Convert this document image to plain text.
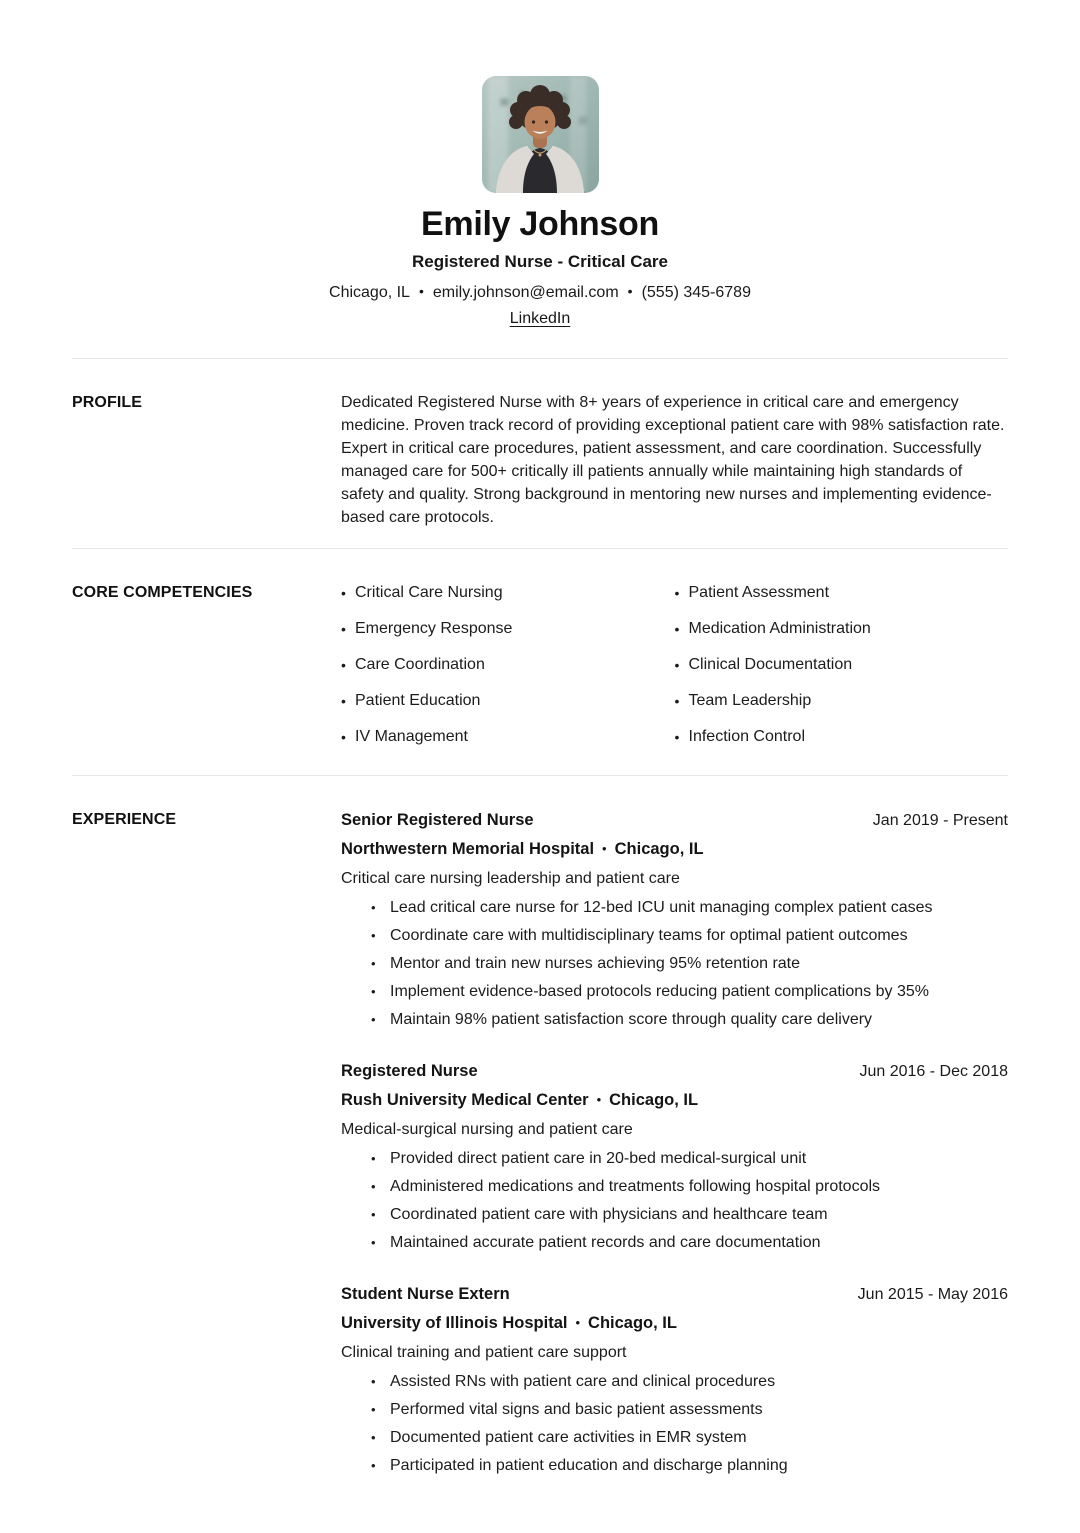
Emily Johnson
Registered Nurse - Critical Care
Chicago, IL • emily.johnson@email.com • (555) 345-6789
LinkedIn
PROFILE	Dedicated Registered Nurse with 8+ years of experience in critical care and emergency medicine. Proven track record of providing exceptional patient care with 98% satisfaction rate. Expert in critical care procedures, patient assessment, and care coordination. Successfully managed care for 500+ critically ill patients annually while maintaining high standards of safety and quality. Strong background in mentoring new nurses and implementing evidence-based care protocols.
CORE COMPETENCIES	• Critical Care Nursing
• Emergency Response
• Care Coordination
• Patient Education
• IV Management
• Patient Assessment
• Medication Administration
• Clinical Documentation
• Team Leadership
• Infection Control
EXPERIENCE	Senior Registered Nurse	Jan 2019 - Present
Northwestern Memorial Hospital • Chicago, IL
Critical care nursing leadership and patient care
• Lead critical care nurse for 12-bed ICU unit managing complex patient cases
• Coordinate care with multidisciplinary teams for optimal patient outcomes
• Mentor and train new nurses achieving 95% retention rate
• Implement evidence-based protocols reducing patient complications by 35%
• Maintain 98% patient satisfaction score through quality care delivery
Registered Nurse	Jun 2016 - Dec 2018
Rush University Medical Center • Chicago, IL
Medical-surgical nursing and patient care
• Provided direct patient care in 20-bed medical-surgical unit
• Administered medications and treatments following hospital protocols
• Coordinated patient care with physicians and healthcare team
• Maintained accurate patient records and care documentation
Student Nurse Extern	Jun 2015 - May 2016
University of Illinois Hospital • Chicago, IL
Clinical training and patient care support
• Assisted RNs with patient care and clinical procedures
• Performed vital signs and basic patient assessments
• Documented patient care activities in EMR system
• Participated in patient education and discharge planning
